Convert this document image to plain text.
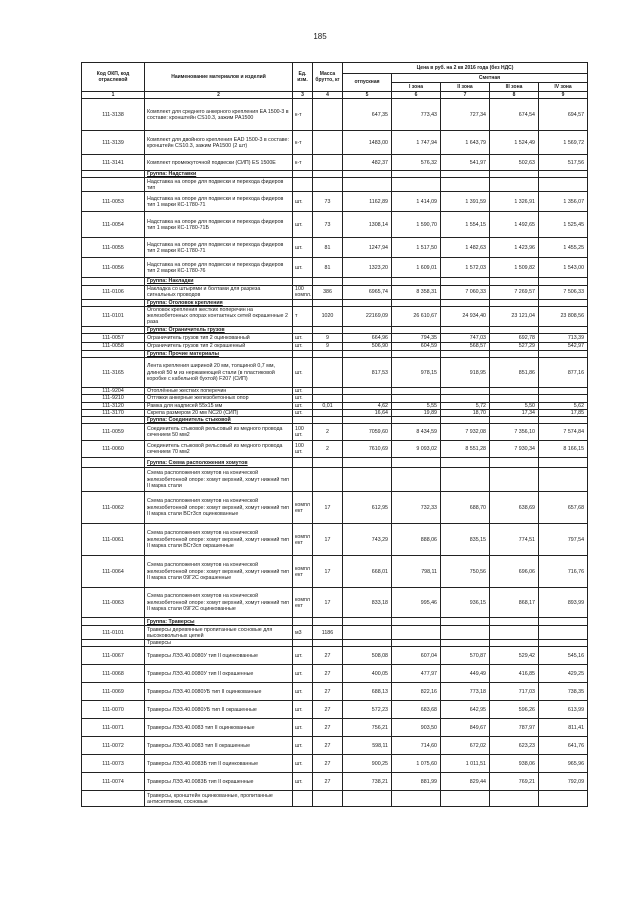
185
Код ОКП, код отраслевой	Наименование материалов и изделий	Ед. изм.	Масса брутто, кг	Цена в руб. на 2 кв 2016 года (без НДС)				
				отпускная	Сметная			
					I зона	II зона	III зона	IV зона
1	2	3	4	5	6	7	8	9
111-3138	Комплект для среднего анкерного крепления EA 1500-3 в составе: кронштейн CS10.3, зажим PA1500	к-т		647,35	773,43	727,34	674,54	694,57
111-3139	Комплект для двойного крепления EAD 1500-3 в составе: кронштейн CS10.3, зажим PA1500 (2 шт)	к-т		1483,00	1 747,94	1 643,79	1 524,49	1 569,72
111-3141	Комплект промежуточной подвески (СИП) ES 1500E	к-т		482,37	576,32	541,97	502,63	517,56
	Группа: Надставки							
	Надставка на опоре для подвески и перехода фидеров тип							
111-0053	Надставка на опоре для подвески и перехода фидеров тип 1 марки КС-1780-71	шт.	73	1162,89	1 414,09	1 391,59	1 326,91	1 356,07
111-0054	Надставка на опоре для подвески и перехода фидеров тип 1 марки КС-1780-71Б	шт.	73	1308,14	1 590,70	1 554,15	1 492,65	1 525,45
111-0055	Надставка на опоре для подвески и перехода фидеров тип 2 марки КС-1780-71	шт.	81	1247,94	1 517,50	1 482,63	1 423,96	1 455,25
111-0056	Надставка на опоре для подвески и перехода фидеров тип 2 марки КС-1780-76	шт.	81	1323,20	1 609,01	1 572,03	1 509,82	1 543,00
	Группа: Накладки							
111-0106	Накладка со штырями и болтами для разреза сигнальных проводов	100 компл.	386	6965,74	8 358,31	7 060,33	7 269,57	7 506,33
	Группа: Оголовок крепления							
111-0101	Оголовок крепления жестких поперечин на железобетонных опорах контактных сетей окрашенные 2 раза	т	1020	22169,09	26 610,67	24 934,40	23 121,04	23 808,56
	Группа: Ограничитель грузов							
111-0057	Ограничитель грузов тип 2 оцинкованный	шт.	9	664,96	794,35	747,03	692,78	713,39
111-0058	Ограничитель грузов тип 2 окрашенный	шт.	9	506,90	604,59	568,57	527,29	542,97
	Группа: Прочие материалы							
111-3165	Лента крепления шириной 20 мм, толщиной 0,7 мм, длиной 50 м из нержавеющей стали (в пластиковой коробке с кабельной бухтой) F207 (СИП)	шт.		817,53	978,15	918,95	851,86	877,16
111-9204	Отоплённые жестких поперечин	шт.						
111-9210	Оттяжки анкерные железобетонных опор	шт.						
111-3120	Рамка для надписей 55х15 мм	шт.	0,01	4,62	5,55	5,72	5,50	5,62
111-3170	Скрепа размером 20 мм NC20 (СИП)	шт.		16,64	19,89	18,70	17,34	17,85
	Группа: Соединитель стыковой							
111-0059	Соединитель стыковой рельсовый из медного провода сечением 50 мм2	100 шт.	2	7059,60	8 434,59	7 932,08	7 356,10	7 574,84
111-0060	Соединитель стыковой рельсовый из медного провода сечением 70 мм2	100 шт.	2	7610,69	9 093,02	8 551,28	7 930,34	8 166,15
	Группа: Схема расположения хомутов							
	Схема расположения хомутов на конической железобетонной опоре: хомут верхний, хомут нижний тип II марка стали							
111-0062	Схема расположения хомутов на конической железобетонной опоре: хомут верхний, хомут нижний тип II марка стали ВСт3сп оцинкованные	компл ект	17	612,95	732,33	688,70	638,69	657,68
111-0061	Схема расположения хомутов на конической железобетонной опоре: хомут верхний, хомут нижний тип II марка стали ВСт3сп окрашенные	компл ект	17	743,29	888,06	835,15	774,51	797,54
111-0064	Схема расположения хомутов на конической железобетонной опоре: хомут верхний, хомут нижний тип II марка стали 09Г2С окрашенные	компл ект	17	668,01	798,11	750,56	696,06	716,76
111-0063	Схема расположения хомутов на конической железобетонной опоре: хомут верхний, хомут нижний тип II марка стали 09Г2С оцинкованные	компл ект	17	833,18	995,46	936,15	868,17	893,99
	Группа: Траверсы							
111-0101	Траверсы деревянные пропитанные сосновые для высоковольтных цепей	м3	1186					
	Траверсы							
111-0067	Траверсы ЛЭЗ.40.0080У тип II оцинкованные	шт.	27	508,08	607,04	570,87	529,42	545,16
111-0068	Траверсы ЛЭЗ.40.0080У тип II окрашенные	шт.	27	400,05	477,97	449,49	416,85	429,25
111-0069	Траверсы ЛЭЗ.40.0080УБ тип II оцинкованные	шт.	27	688,13	822,16	773,18	717,03	738,35
111-0070	Траверсы ЛЭЗ.40.0080УБ тип II окрашенные	шт.	27	572,23	683,68	642,95	596,26	613,99
111-0071	Траверсы ЛЭЗ.40.0083 тип II оцинкованные	шт.	27	756,21	903,50	849,67	787,97	811,41
111-0072	Траверсы ЛЭЗ.40.0083 тип II окрашенные	шт.	27	598,11	714,60	672,02	623,23	641,76
111-0073	Траверсы ЛЭЗ.40.0083Б тип II оцинкованные	шт.	27	900,25	1 075,60	1 011,51	938,06	965,96
111-0074	Траверсы ЛЭЗ.40.0083Б тип II окрашенные	шт.	27	738,21	881,99	829,44	769,21	792,09
	Траверсы, кронштейн оцинкованные, пропитанные антисептиком, сосновые							
